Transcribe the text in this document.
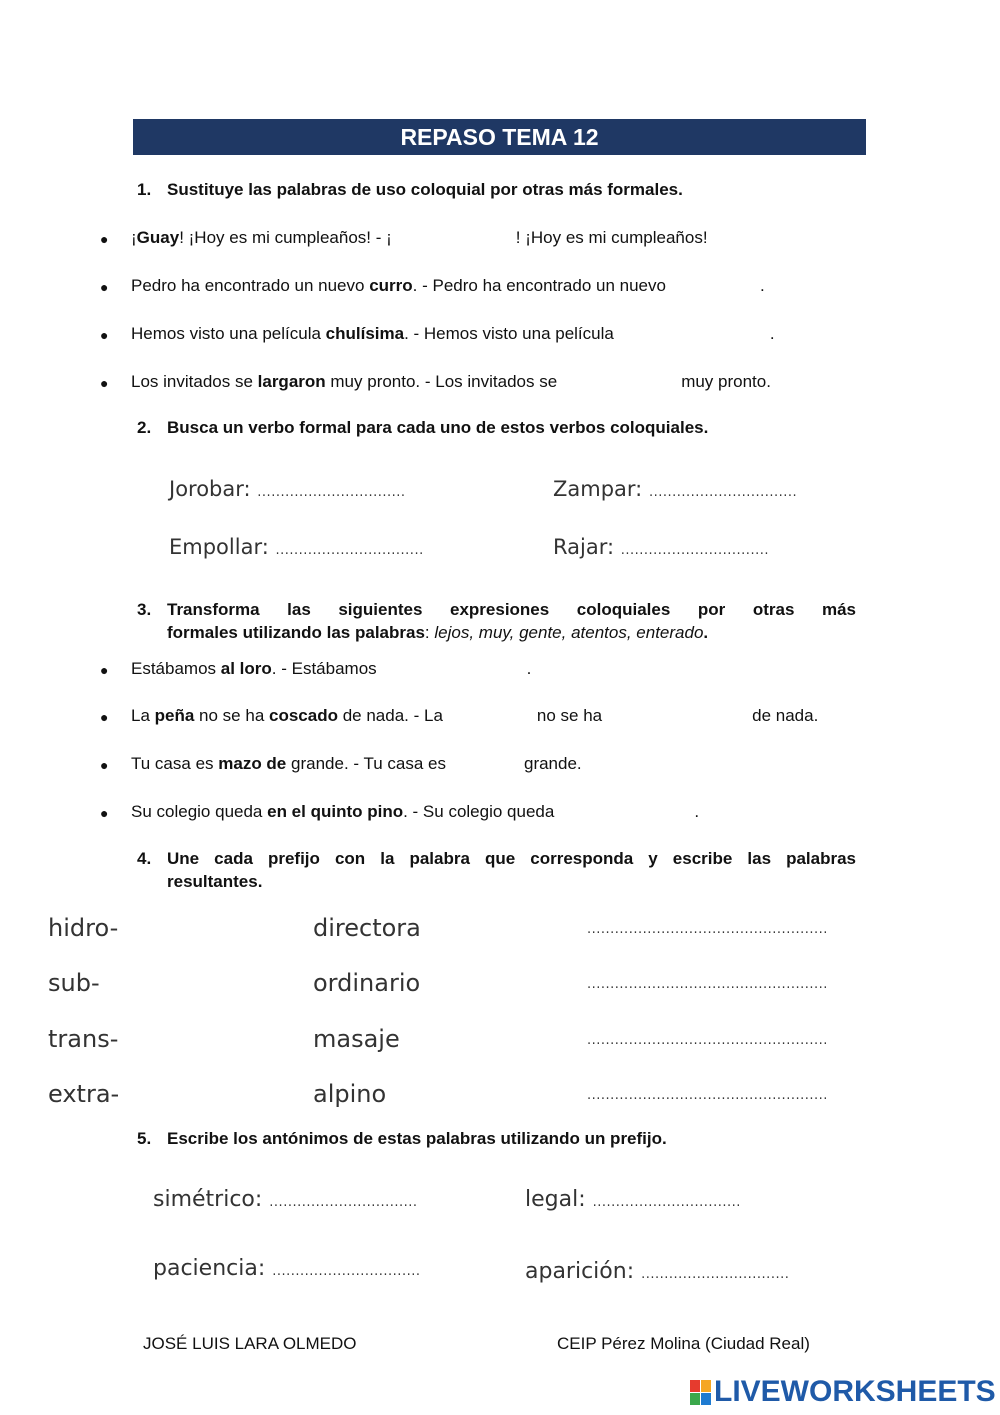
REPASO TEMA 12
1. Sustituye las palabras de uso coloquial por otras más formales.
● ¡Guay! ¡Hoy es mi cumpleaños! - ¡	! ¡Hoy es mi cumpleaños!
● Pedro ha encontrado un nuevo curro. - Pedro ha encontrado un nuevo	.
● Hemos visto una película chulísima. - Hemos visto una película	.
● Los invitados se largaron muy pronto. - Los invitados se	muy pronto.
2. Busca un verbo formal para cada uno de estos verbos coloquiales.
Jorobar: ................................	Zampar: ................................
Empollar: ................................	Rajar: ................................
3. Transforma las siguientes expresiones coloquiales por otras más
formales utilizando las palabras: lejos, muy, gente, atentos, enterado.
● Estábamos al loro. - Estábamos	.
● La peña no se ha coscado de nada. - La	no se ha	de nada.
● Tu casa es mazo de grande. - Tu casa es	grande.
● Su colegio queda en el quinto pino. - Su colegio queda	.
4. Une cada prefijo con la palabra que corresponda y escribe las palabras
resultantes.
hidro-	directora	....................................................
sub-	ordinario	....................................................
trans-	masaje	....................................................
extra-	alpino	....................................................
5. Escribe los antónimos de estas palabras utilizando un prefijo.
simétrico: ................................	legal: ................................
paciencia: ................................	aparición: ................................
JOSÉ LUIS LARA OLMEDO	CEIP Pérez Molina (Ciudad Real)
LIVEWORKSHEETS
